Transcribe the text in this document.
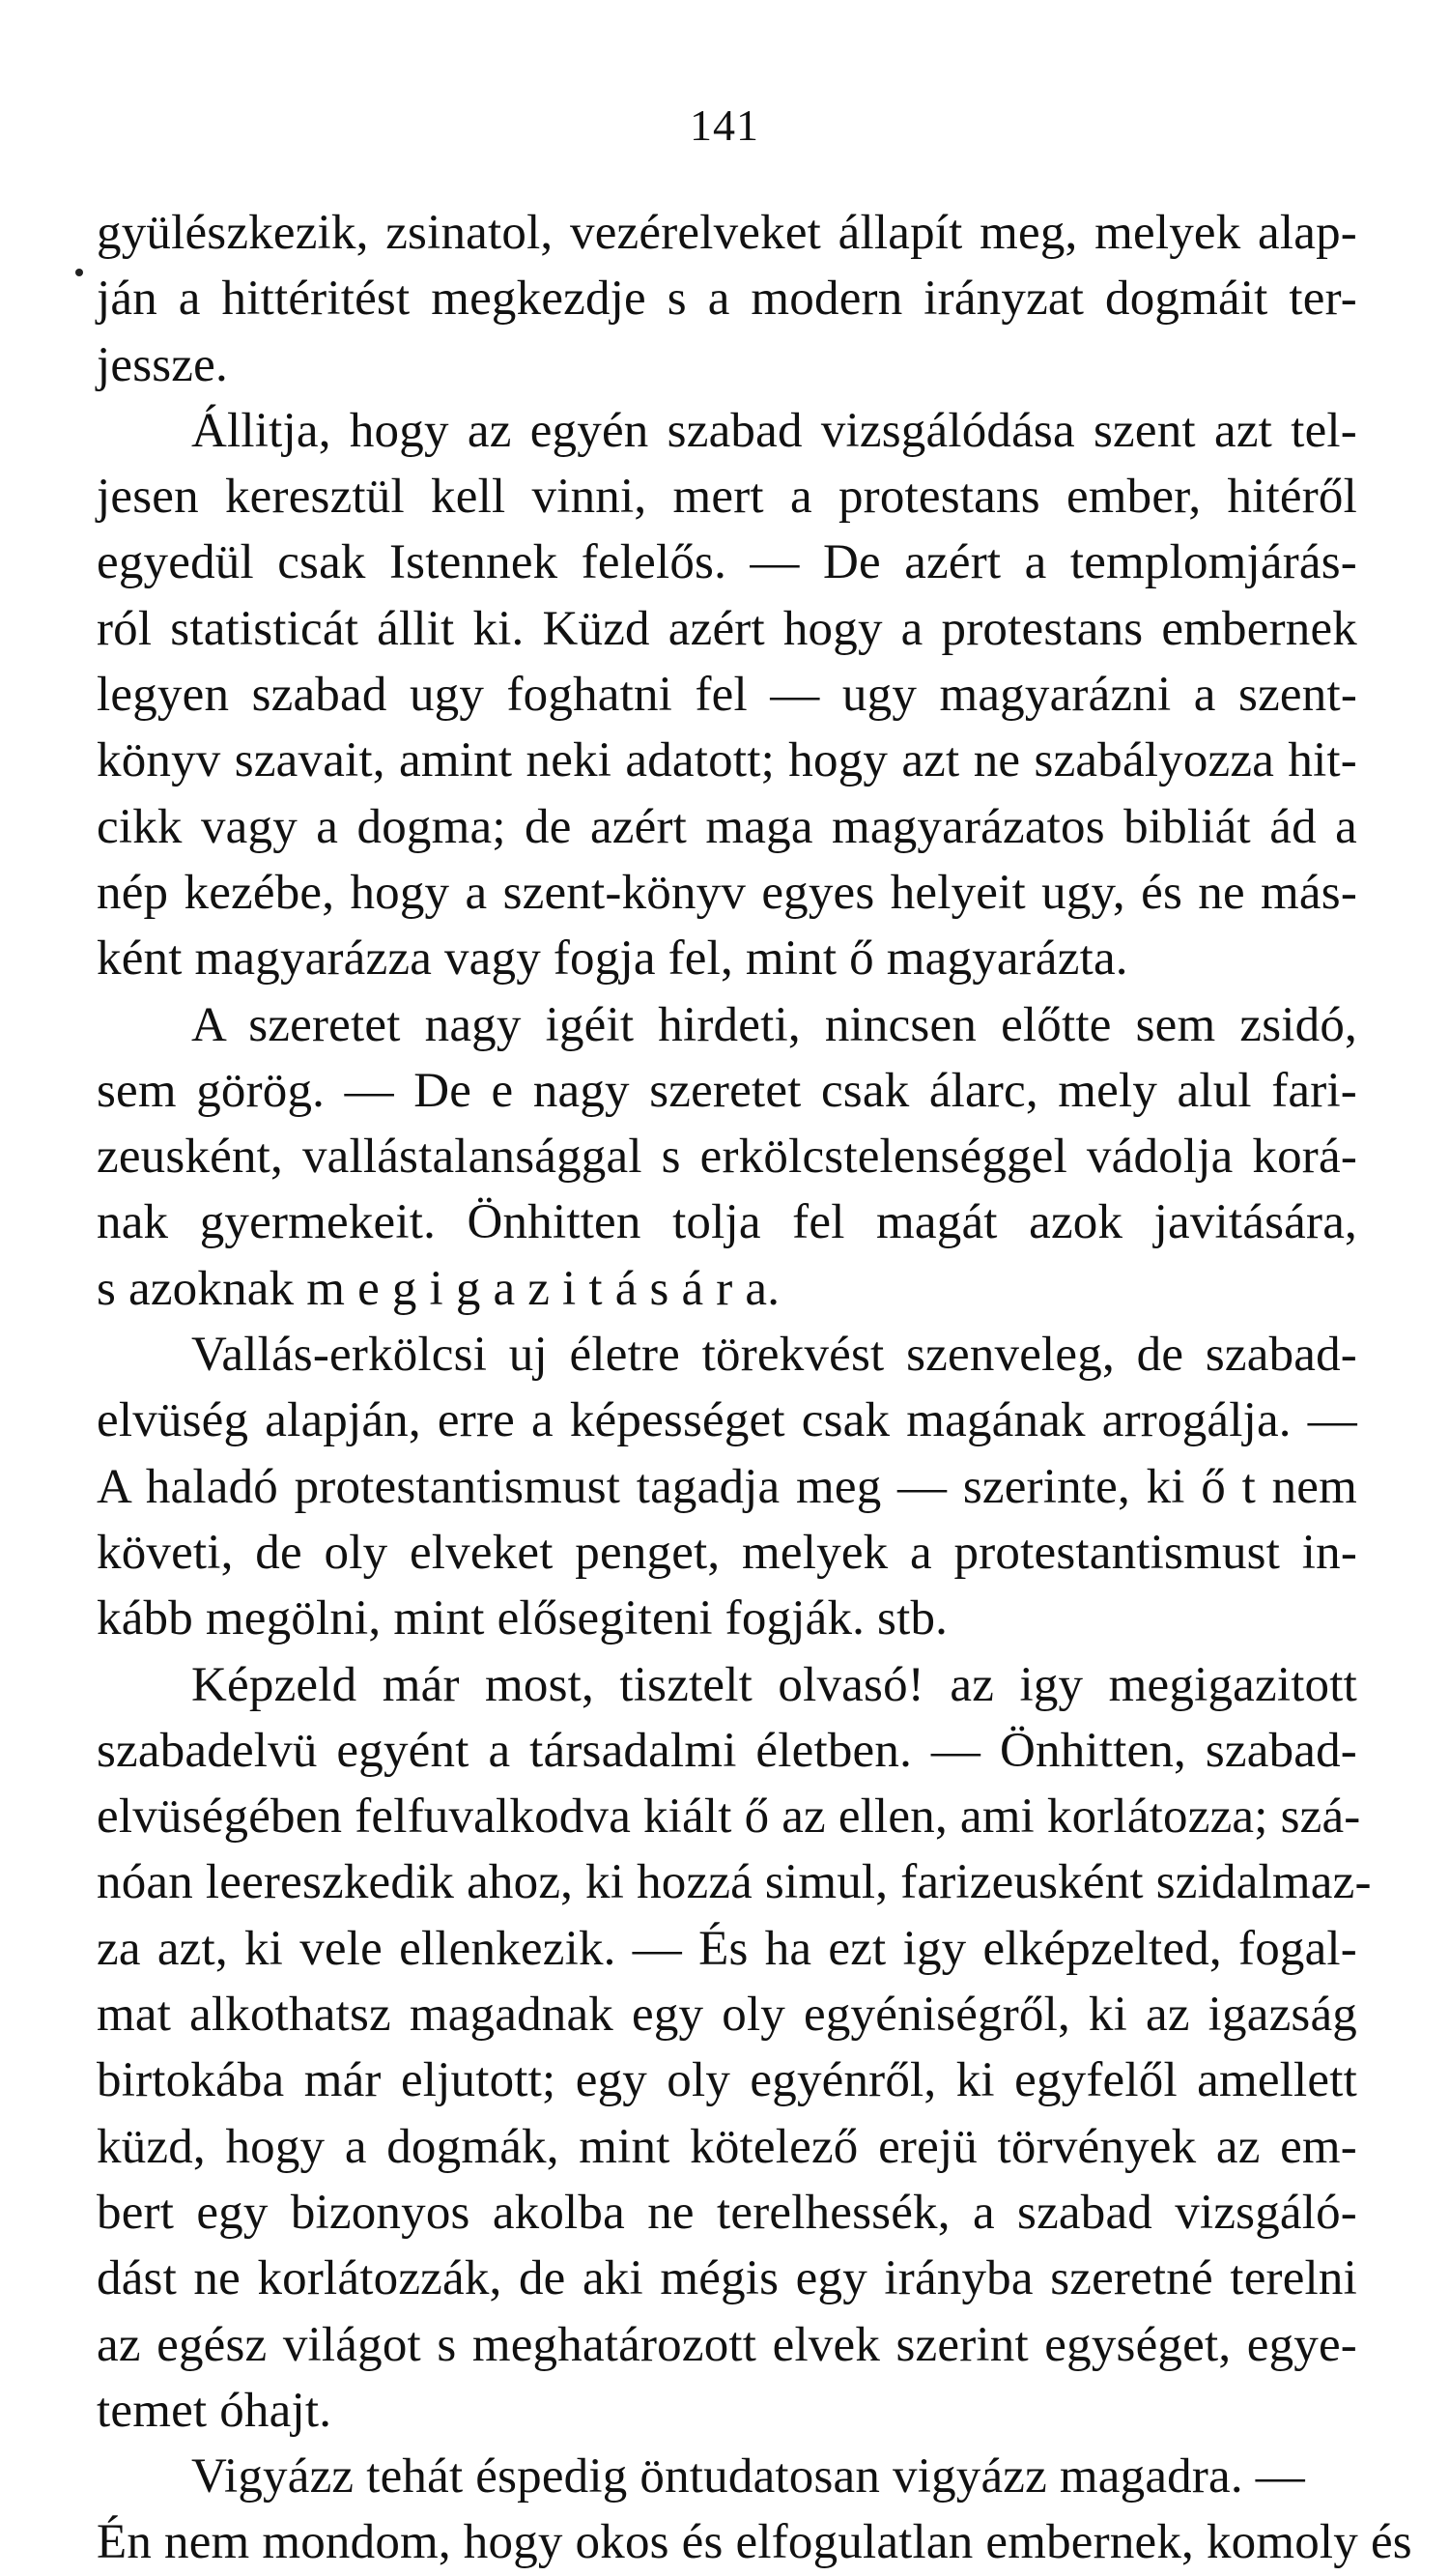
141
gyülészkezik, zsinatol, vezérelveket állapít meg, melyek alap-
ján a hittéritést megkezdje s a modern irányzat dogmáit ter-
jessze.
Állitja, hogy az egyén szabad vizsgálódása szent azt tel-
jesen keresztül kell vinni, mert a protestans ember, hitéről
egyedül csak Istennek felelős. — De azért a templomjárás-
ról statisticát állit ki. Küzd azért hogy a protestans embernek
legyen szabad ugy foghatni fel — ugy magyarázni a szent-
könyv szavait, amint neki adatott; hogy azt ne szabályozza hit-
cikk vagy a dogma; de azért maga magyarázatos bibliát ád a
nép kezébe, hogy a szent-könyv egyes helyeit ugy, és ne más-
ként magyarázza vagy fogja fel, mint ő magyarázta.
A szeretet nagy igéit hirdeti, nincsen előtte sem zsidó,
sem görög. — De e nagy szeretet csak álarc, mely alul fari-
zeusként, vallástalansággal s erkölcstelenséggel vádolja korá-
nak gyermekeit. Önhitten tolja fel magát azok javitására,
s azoknak m e g i g a z i t á s á r a.
Vallás-erkölcsi uj életre törekvést szenveleg, de szabad-
elvüség alapján, erre a képességet csak magának arrogálja. —
A haladó protestantismust tagadja meg — szerinte, ki ő t nem
követi, de oly elveket penget, melyek a protestantismust in-
kább megölni, mint elősegiteni fogják. stb.
Képzeld már most, tisztelt olvasó! az igy megigazitott
szabadelvü egyént a társadalmi életben. — Önhitten, szabad-
elvüségében felfuvalkodva kiált ő az ellen, ami korlátozza; szá-
nóan leereszkedik ahoz, ki hozzá simul, farizeusként szidalmaz-
za azt, ki vele ellenkezik. — És ha ezt igy elképzelted, fogal-
mat alkothatsz magadnak egy oly egyéniségről, ki az igazság
birtokába már eljutott; egy oly egyénről, ki egyfelől amellett
küzd, hogy a dogmák, mint kötelező erejü törvények az em-
bert egy bizonyos akolba ne terelhessék, a szabad vizsgáló-
dást ne korlátozzák, de aki mégis egy irányba szeretné terelni
az egész világot s meghatározott elvek szerint egységet, egye-
temet óhajt.
Vigyázz tehát éspedig öntudatosan vigyázz magadra. —
Én nem mondom, hogy okos és elfogulatlan embernek, komoly és
